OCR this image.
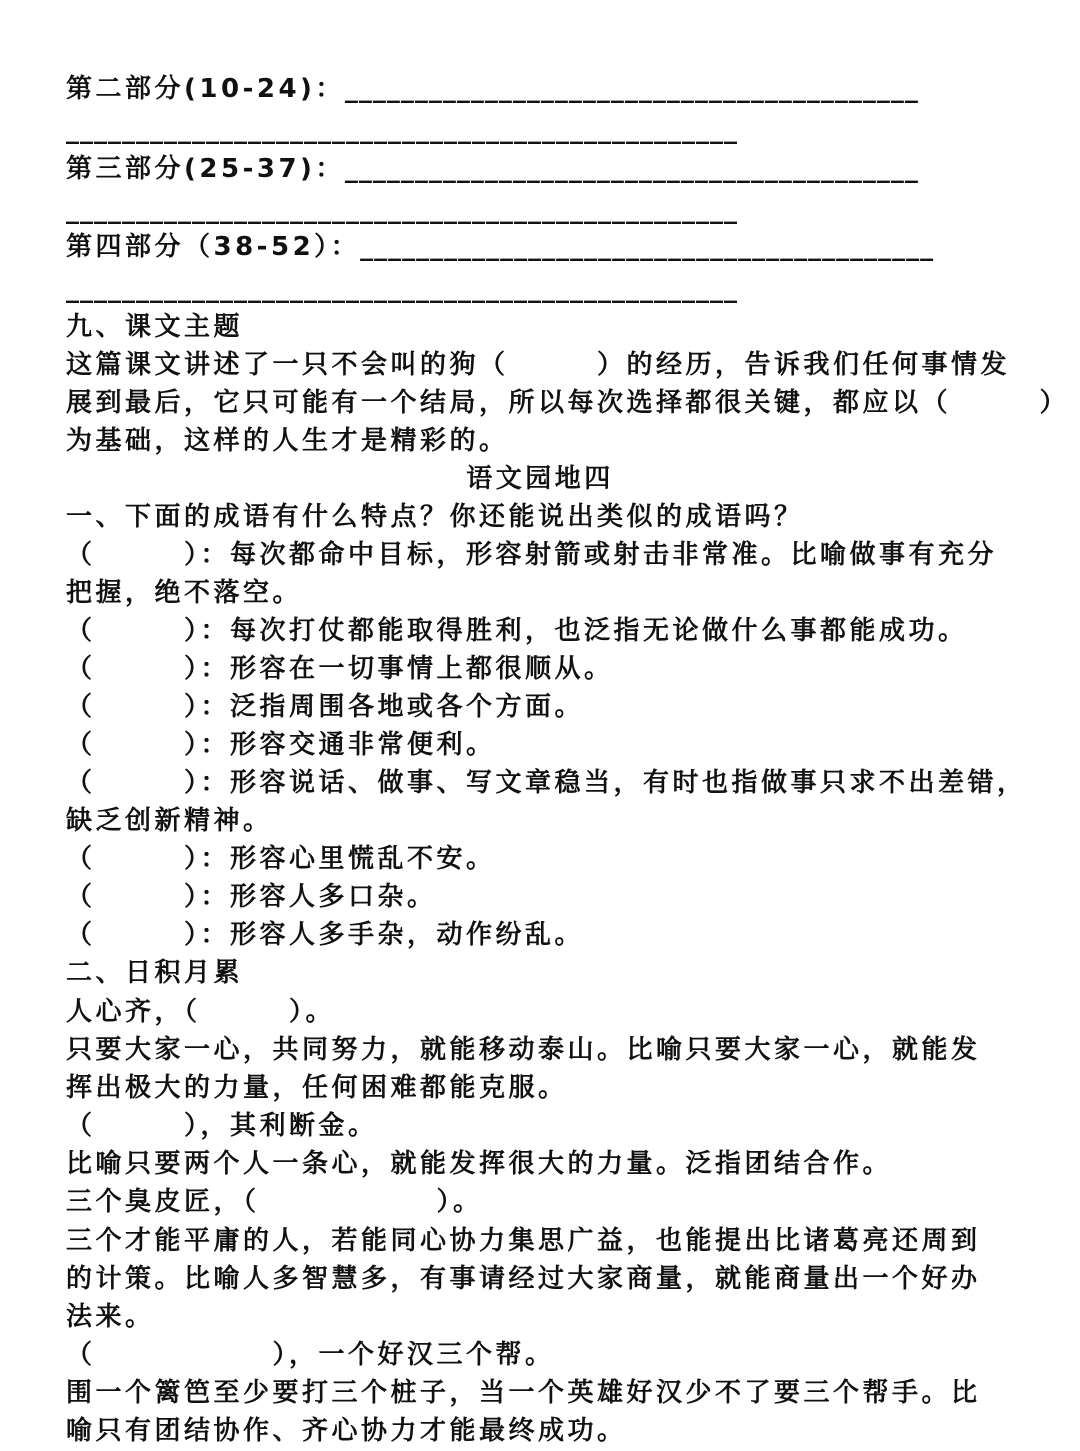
第二部分(10-24)：_________________________________________
________________________________________________
第三部分(25-37)：_________________________________________
________________________________________________
第四部分（38-52）：_________________________________________
________________________________________________
九、课文主题
这篇课文讲述了一只不会叫的狗（　　　）的经历，告诉我们任何事情发
展到最后，它只可能有一个结局，所以每次选择都很关键，都应以（　　　）
为基础，这样的人生才是精彩的。
语文园地四
一、下面的成语有什么特点？你还能说出类似的成语吗？
（　　　）：每次都命中目标，形容射箭或射击非常准。比喻做事有充分
把握，绝不落空。
（　　　）：每次打仗都能取得胜利，也泛指无论做什么事都能成功。
（　　　）：形容在一切事情上都很顺从。
（　　　）：泛指周围各地或各个方面。
（　　　）：形容交通非常便利。
（　　　）：形容说话、做事、写文章稳当，有时也指做事只求不出差错，
缺乏创新精神。
（　　　）：形容心里慌乱不安。
（　　　）：形容人多口杂。
（　　　）：形容人多手杂，动作纷乱。
二、日积月累
人心齐，（　　　）。
只要大家一心，共同努力，就能移动泰山。比喻只要大家一心，就能发
挥出极大的力量，任何困难都能克服。
（　　　），其利断金。
比喻只要两个人一条心，就能发挥很大的力量。泛指团结合作。
三个臭皮匠，（　　　　　　）。
三个才能平庸的人，若能同心协力集思广益，也能提出比诸葛亮还周到
的计策。比喻人多智慧多，有事请经过大家商量，就能商量出一个好办
法来。
（　　　　　　），一个好汉三个帮。
围一个篱笆至少要打三个桩子，当一个英雄好汉少不了要三个帮手。比
喻只有团结协作、齐心协力才能最终成功。
